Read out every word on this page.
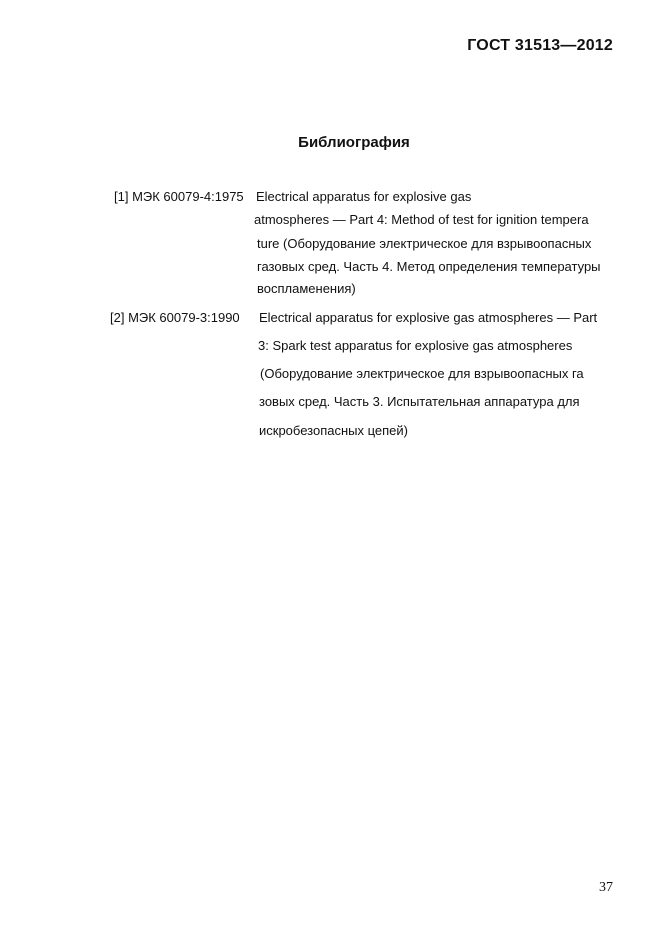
ГОСТ 31513—2012
Библиография
[1] МЭК 60079-4:1975 Electrical apparatus for explosive gas
atmospheres — Part 4: Method of test for ignition tempera
ture (Оборудование электрическое для взрывоопасных
газовых сред. Часть 4. Метод определения температуры
воспламенения)
[2] МЭК 60079-3:1990 Electrical apparatus for explosive gas atmospheres — Part
3: Spark test apparatus for explosive gas atmospheres
(Оборудование электрическое для взрывоопасных га
зовых сред. Часть 3. Испытательная аппаратура для
искробезопасных цепей)
37
